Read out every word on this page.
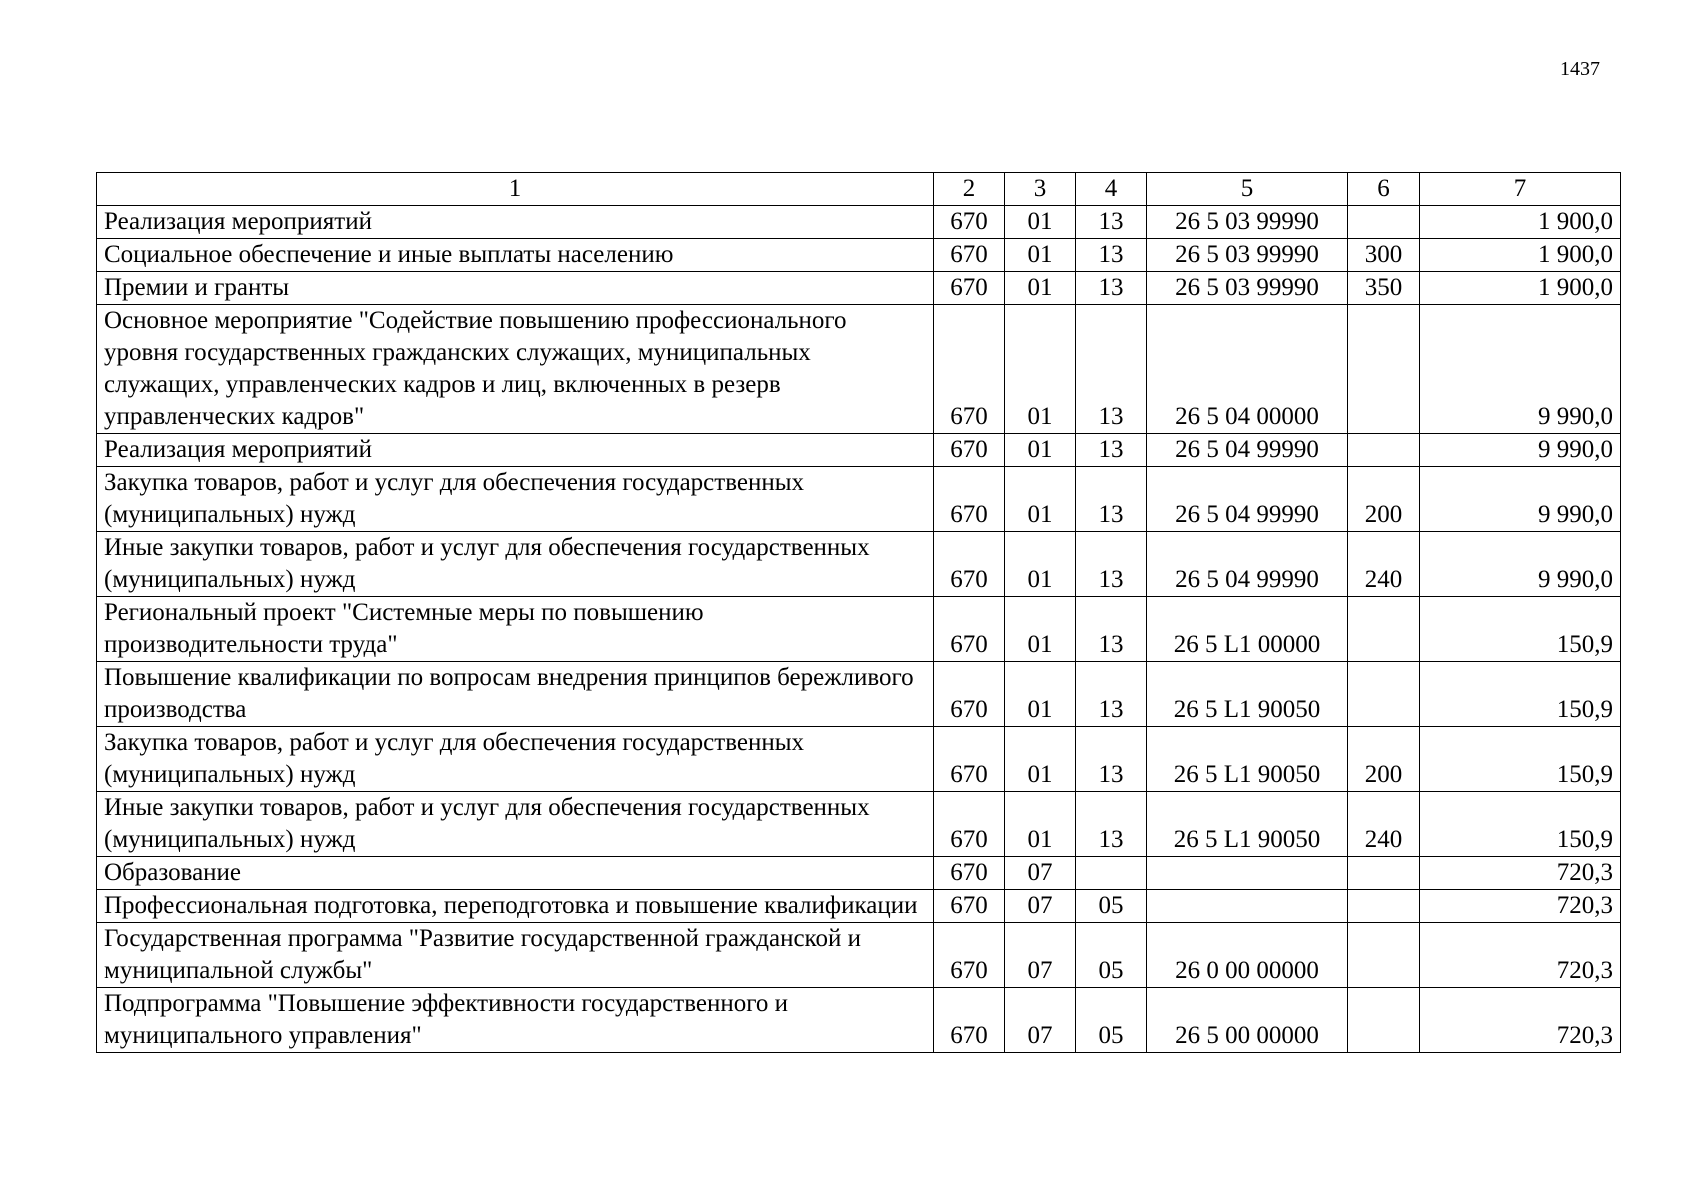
1437
1	2	3	4	5	6	7
Реализация мероприятий	670	01	13	26 5 03 99990		1 900,0
Социальное обеспечение и иные выплаты населению	670	01	13	26 5 03 99990	300	1 900,0
Премии и гранты	670	01	13	26 5 03 99990	350	1 900,0
Основное мероприятие "Содействие повышению профессионального уровня государственных гражданских служащих, муниципальных служащих, управленческих кадров и лиц, включенных в резерв управленческих кадров"	670	01	13	26 5 04 00000		9 990,0
Реализация мероприятий	670	01	13	26 5 04 99990		9 990,0
Закупка товаров, работ и услуг для обеспечения государственных (муниципальных) нужд	670	01	13	26 5 04 99990	200	9 990,0
Иные закупки товаров, работ и услуг для обеспечения государственных (муниципальных) нужд	670	01	13	26 5 04 99990	240	9 990,0
Региональный проект "Системные меры по повышению производительности труда"	670	01	13	26 5 L1 00000		150,9
Повышение квалификации по вопросам внедрения принципов бережливого производства	670	01	13	26 5 L1 90050		150,9
Закупка товаров, работ и услуг для обеспечения государственных (муниципальных) нужд	670	01	13	26 5 L1 90050	200	150,9
Иные закупки товаров, работ и услуг для обеспечения государственных (муниципальных) нужд	670	01	13	26 5 L1 90050	240	150,9
Образование	670	07				720,3
Профессиональная подготовка, переподготовка и повышение квалификации	670	07	05			720,3
Государственная программа "Развитие государственной гражданской и муниципальной службы"	670	07	05	26 0 00 00000		720,3
Подпрограмма "Повышение эффективности государственного и муниципального управления"	670	07	05	26 5 00 00000		720,3
